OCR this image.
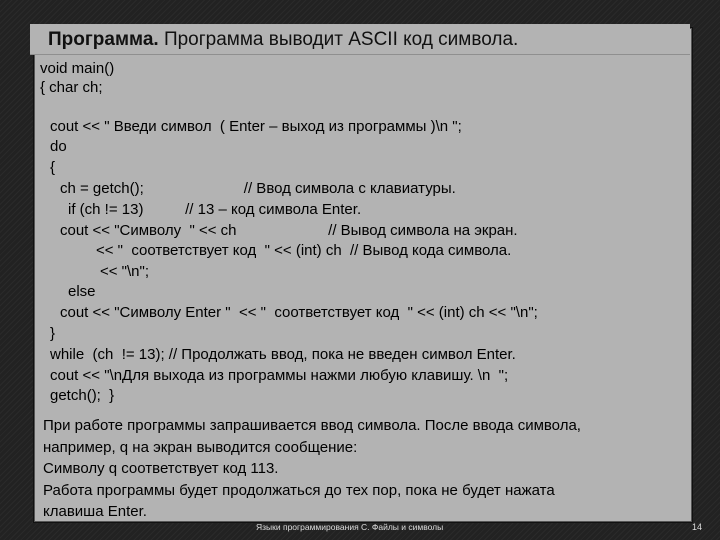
Программа. Программа выводит ASCII код символа.
void main()
{ char ch;
cout << " Введи символ  ( Enter – выход из программы )\n ";
do
{
ch = getch();                        // Ввод символа с клавиатуры.
if (ch != 13)          // 13 – код символа Enter.
cout << "Символу  " << ch                      // Вывод символа на экран.
<< "  соответствует код  " << (int) ch  // Вывод кода символа.
<< "\n";
else
cout << "Символу Enter "  << "  соответствует код  " << (int) ch << "\n";
}
while  (ch  != 13); // Продолжать ввод, пока не введен символ Enter.
cout << "\nДля выхода из программы нажми любую клавишу. \n  ";
getch();  }
При работе программы запрашивается ввод символа. После ввода символа,
например, q на экран выводится сообщение:
Символу q соответствует код 113.
Работа программы будет продолжаться до тех пор, пока не будет нажата
клавиша Enter.
Языки программирования С. Файлы и символы	14
